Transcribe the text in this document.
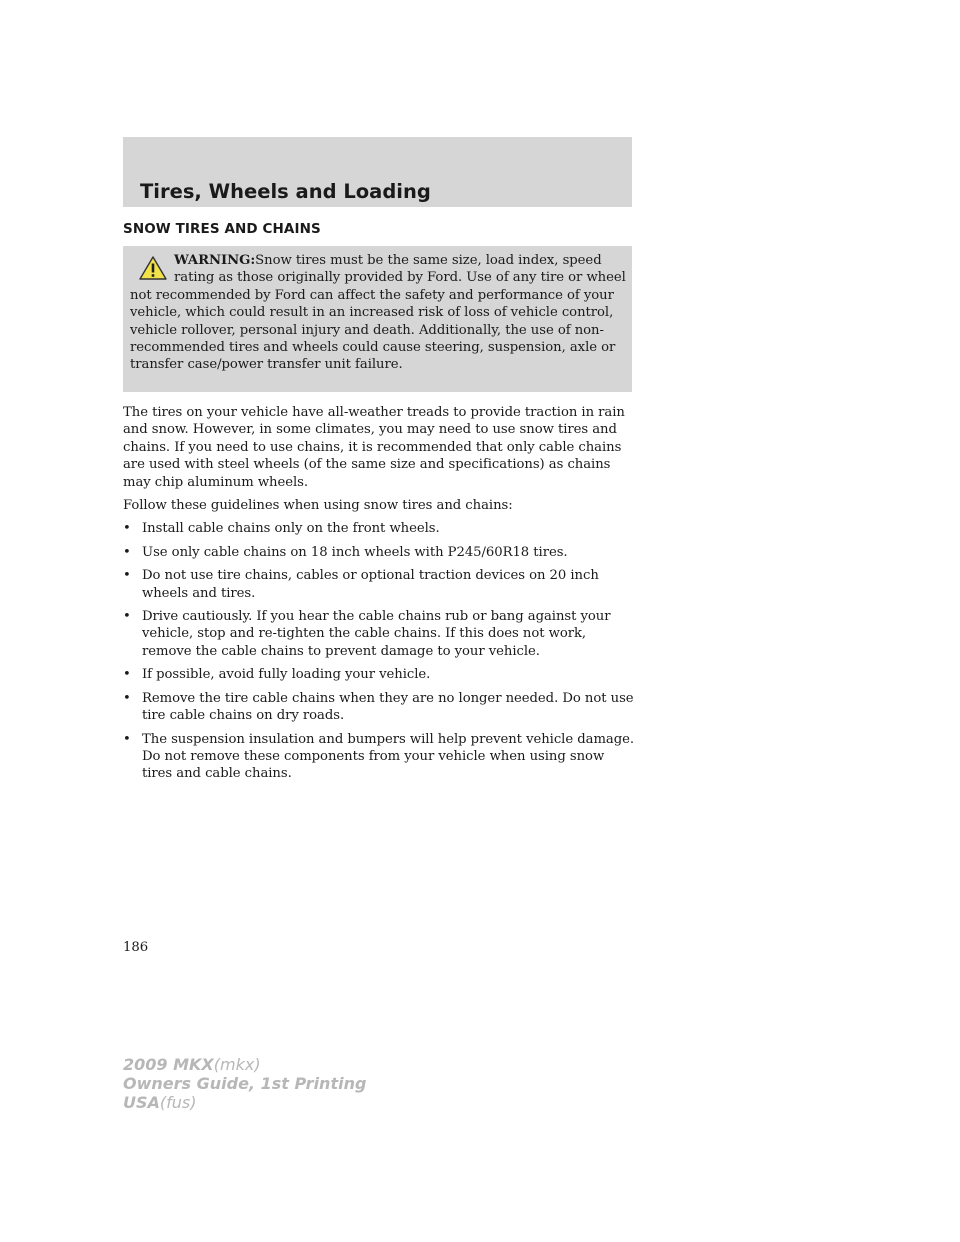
Tires, Wheels and Loading
SNOW TIRES AND CHAINS

WARNING:Snow tires must be the same size, load index, speed rating as those originally provided by Ford. Use of any tire or wheel not recommended by Ford can affect the safety and performance of your vehicle, which could result in an increased risk of loss of vehicle control, vehicle rollover, personal injury and death. Additionally, the use of non-recommended tires and wheels could cause steering, suspension, axle or transfer case/power transfer unit failure.

The tires on your vehicle have all-weather treads to provide traction in rain and snow. However, in some climates, you may need to use snow tires and chains. If you need to use chains, it is recommended that only cable chains are used with steel wheels (of the same size and specifications) as chains may chip aluminum wheels.

Follow these guidelines when using snow tires and chains:

• Install cable chains only on the front wheels.
• Use only cable chains on 18 inch wheels with P245/60R18 tires.
• Do not use tire chains, cables or optional traction devices on 20 inch wheels and tires.
• Drive cautiously. If you hear the cable chains rub or bang against your vehicle, stop and re-tighten the cable chains. If this does not work, remove the cable chains to prevent damage to your vehicle.
• If possible, avoid fully loading your vehicle.
• Remove the tire cable chains when they are no longer needed. Do not use tire cable chains on dry roads.
• The suspension insulation and bumpers will help prevent vehicle damage. Do not remove these components from your vehicle when using snow tires and cable chains.
186
2009 MKX(mkx)
Owners Guide, 1st Printing
USA(fus)
